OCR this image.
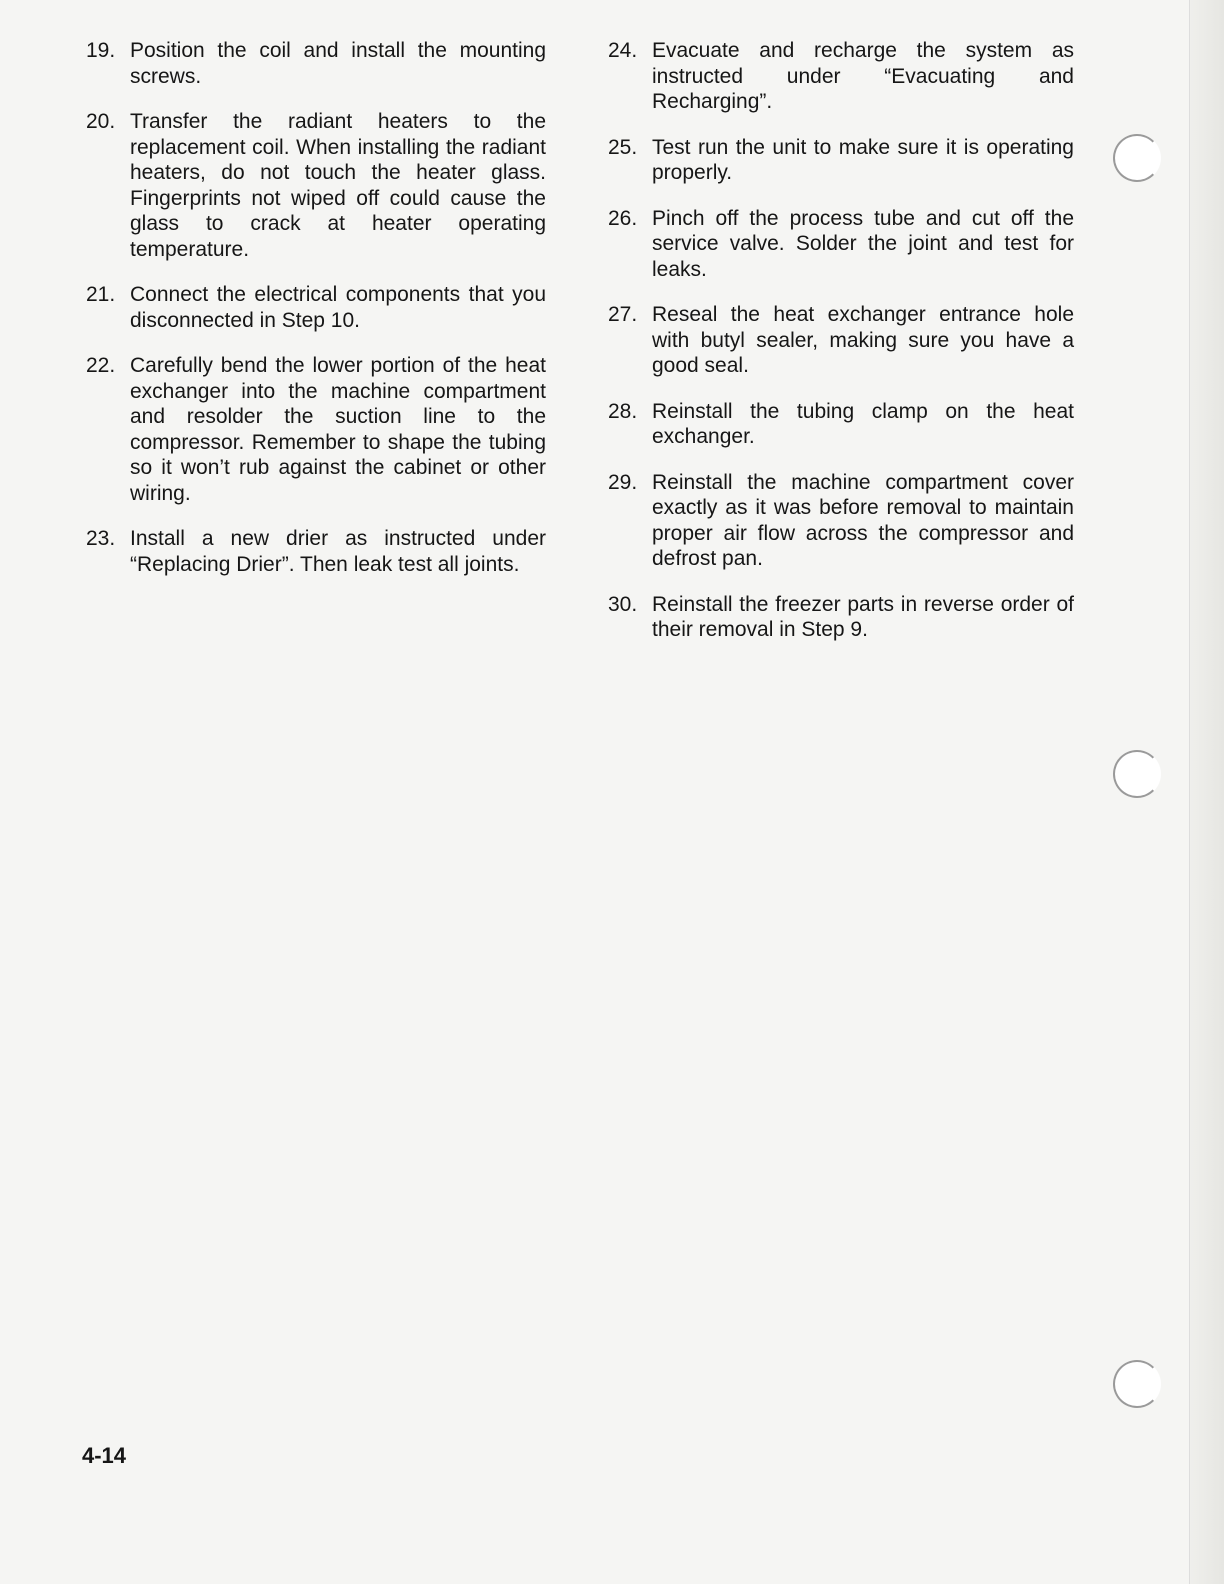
19. Position the coil and install the mounting screws.
20. Transfer the radiant heaters to the replacement coil. When installing the radiant heaters, do not touch the heater glass. Fingerprints not wiped off could cause the glass to crack at heater operating temperature.
21. Connect the electrical components that you disconnected in Step 10.
22. Carefully bend the lower portion of the heat exchanger into the machine compartment and resolder the suction line to the compressor. Remember to shape the tubing so it won’t rub against the cabinet or other wiring.
23. Install a new drier as instructed under “Replacing Drier”. Then leak test all joints.
24. Evacuate and recharge the system as instructed under “Evacuating and Recharging”.
25. Test run the unit to make sure it is operating properly.
26. Pinch off the process tube and cut off the service valve. Solder the joint and test for leaks.
27. Reseal the heat exchanger entrance hole with butyl sealer, making sure you have a good seal.
28. Reinstall the tubing clamp on the heat exchanger.
29. Reinstall the machine compartment cover exactly as it was before removal to maintain proper air flow across the compressor and defrost pan.
30. Reinstall the freezer parts in reverse order of their removal in Step 9.
4-14
